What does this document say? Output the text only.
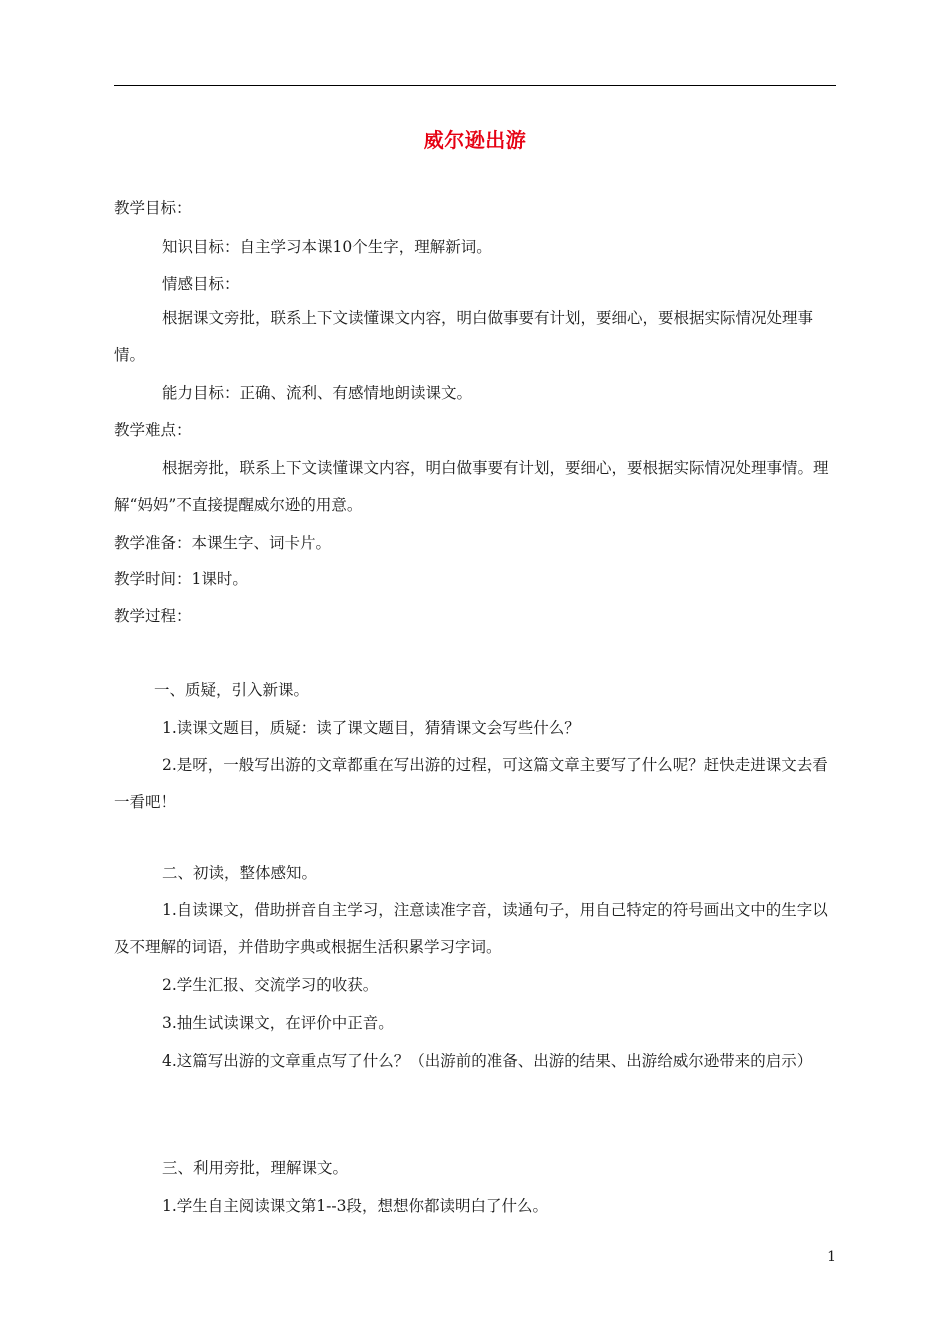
威尔逊出游
教学目标：
知识目标：自主学习本课10个生字，理解新词。
情感目标：
根据课文旁批，联系上下文读懂课文内容，明白做事要有计划，要细心，要根据实际情况处理事情。
能力目标：正确、流利、有感情地朗读课文。
教学难点：
根据旁批，联系上下文读懂课文内容，明白做事要有计划，要细心，要根据实际情况处理事情。理解“妈妈”不直接提醒威尔逊的用意。
教学准备：本课生字、词卡片。
教学时间：1课时。
教学过程：
一、质疑，引入新课。
1.读课文题目，质疑：读了课文题目，猜猜课文会写些什么？
2.是呀，一般写出游的文章都重在写出游的过程，可这篇文章主要写了什么呢？赶快走进课文去看一看吧！
二、初读，整体感知。
1.自读课文，借助拼音自主学习，注意读准字音，读通句子，用自己特定的符号画出文中的生字以及不理解的词语，并借助字典或根据生活积累学习字词。
2.学生汇报、交流学习的收获。
3.抽生试读课文，在评价中正音。
4.这篇写出游的文章重点写了什么？（出游前的准备、出游的结果、出游给威尔逊带来的启示）
三、利用旁批，理解课文。
1.学生自主阅读课文第1--3段，想想你都读明白了什么。
1
